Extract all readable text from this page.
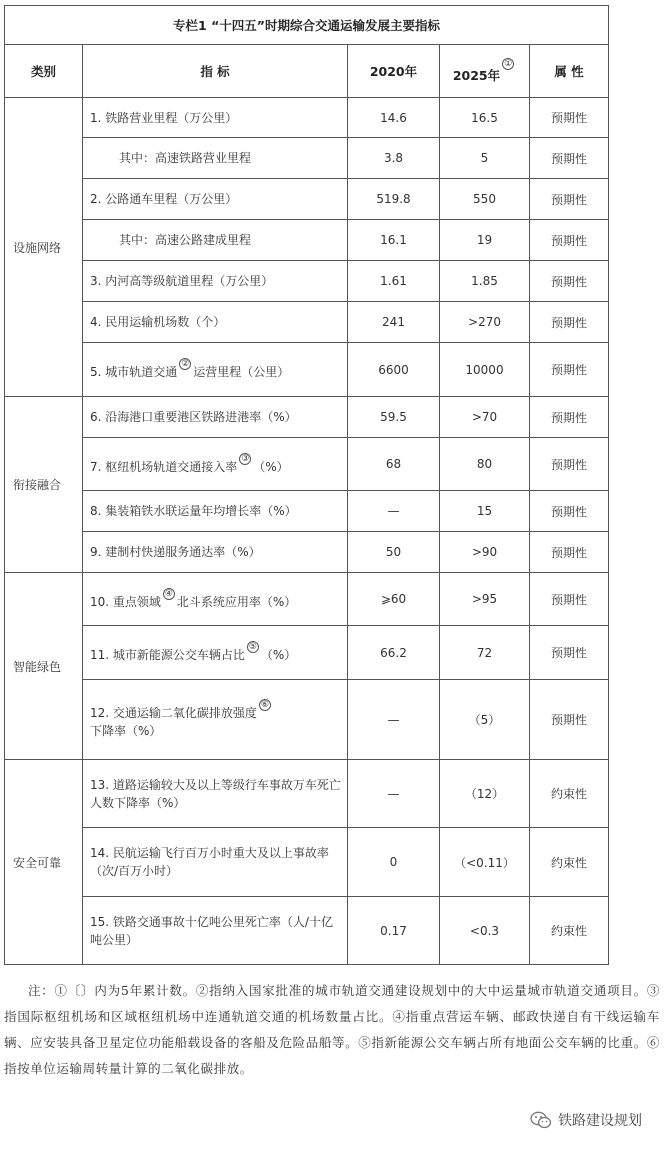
专栏1 “十四五”时期综合交通运输发展主要指标				
类别	指 标	2020年	2025年①	属 性
设施网络	1. 铁路营业里程（万公里）	14.6	16.5	预期性
	其中：高速铁路营业里程	3.8	5	预期性
	2. 公路通车里程（万公里）	519.8	550	预期性
	其中：高速公路建成里程	16.1	19	预期性
	3. 内河高等级航道里程（万公里）	1.61	1.85	预期性
	4. 民用运输机场数（个）	241	>270	预期性
	5. 城市轨道交通②运营里程（公里）	6600	10000	预期性
衔接融合	6. 沿海港口重要港区铁路进港率（%）	59.5	>70	预期性
	7. 枢纽机场轨道交通接入率③（%）	68	80	预期性
	8. 集装箱铁水联运量年均增长率（%）	—	15	预期性
	9. 建制村快递服务通达率（%）	50	>90	预期性
智能绿色	10. 重点领域④北斗系统应用率（%）	⩾60	>95	预期性
	11. 城市新能源公交车辆占比⑤（%）	66.2	72	预期性
	12. 交通运输二氧化碳排放强度⑥下降率（%）	—	（5）	预期性
安全可靠	13. 道路运输较大及以上等级行车事故万车死亡人数下降率（%）	—	（12）	约束性
	14. 民航运输飞行百万小时重大及以上事故率（次/百万小时）	0	（<0.11）	约束性
	15. 铁路交通事故十亿吨公里死亡率（人/十亿吨公里）	0.17	<0.3	约束性

注：①〔〕内为5年累计数。②指纳入国家批准的城市轨道交通建设规划中的大中运量城市轨道交通项目。③指国际枢纽机场和区域枢纽机场中连通轨道交通的机场数量占比。④指重点营运车辆、邮政快递自有干线运输车辆、应安装具备卫星定位功能船载设备的客船及危险品船等。⑤指新能源公交车辆占所有地面公交车辆的比重。⑥指按单位运输周转量计算的二氧化碳排放。

铁路建设规划
